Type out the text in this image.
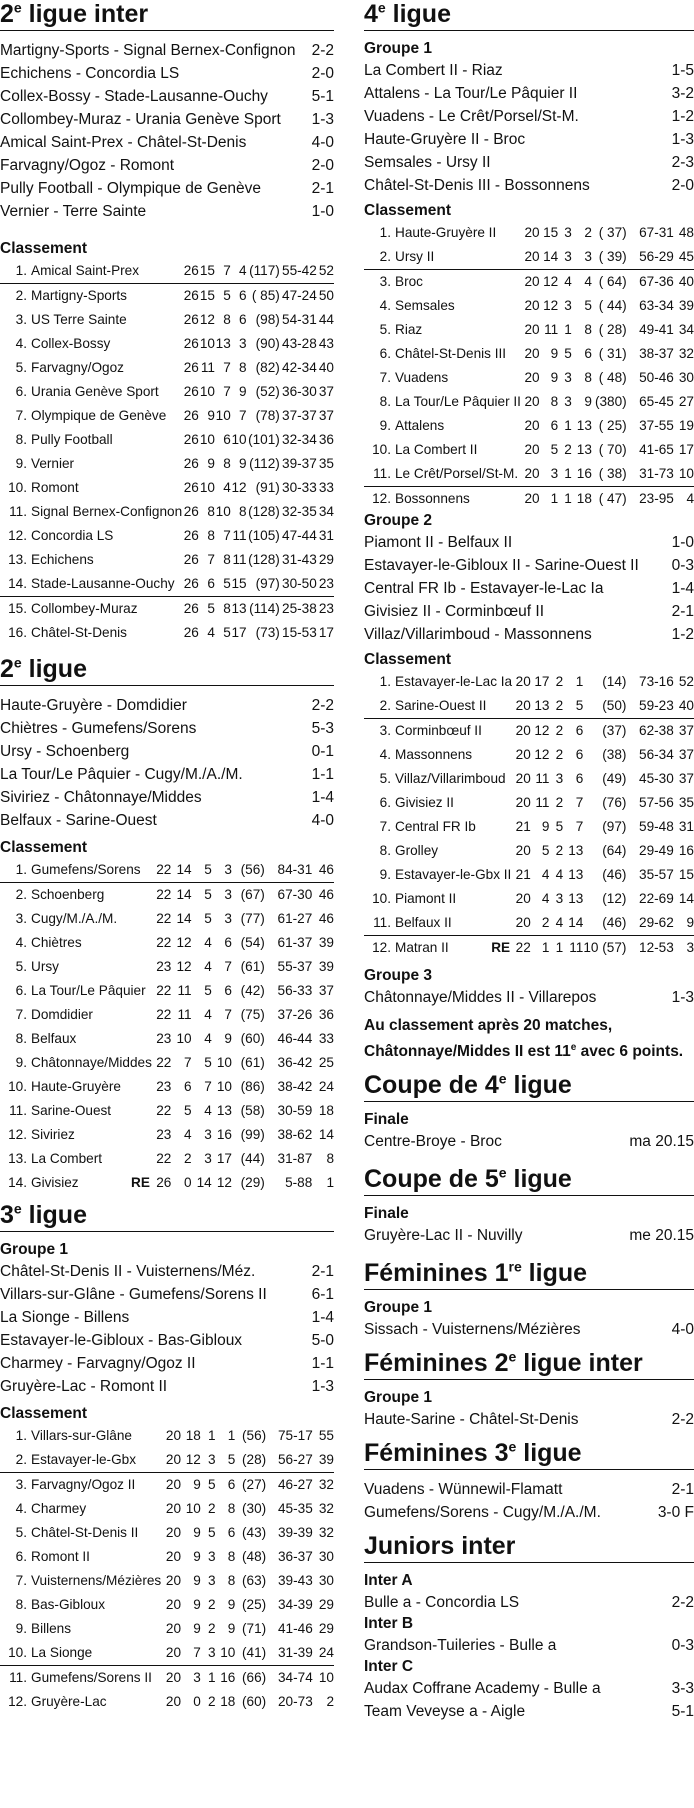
2e ligue inter
Martigny-Sports - Signal Bernex-Confignon 2-2
Echichens - Concordia LS	2-0
Collex-Bossy - Stade-Lausanne-Ouchy	5-1
Collombey-Muraz - Urania Genève Sport 1-3
Amical Saint-Prex - Châtel-St-Denis	4-0
Farvagny/Ogoz - Romont	2-0
Pully Football - Olympique de Genève	2-1
Vernier - Terre Sainte	1-0
Classement
1. Amical Saint-Prex	26	15	7	4	(117)	55-42	52
2. Martigny-Sports	26	15	5	6	( 85)	47-24	50
3. US Terre Sainte	26	12	8	6	(98)	54-31	44
4. Collex-Bossy	26	10	13	3	(90)	43-28	43
5. Farvagny/Ogoz	26	11	7	8	(82)	42-34	40
6. Urania Genève Sport	26	10	7	9	(52)	36-30	37
7. Olympique de Genève	26	9	10	7	(78)	37-37	37
8. Pully Football	26	10	6	10	(101)	32-34	36
9. Vernier	26	9	8	9	(112)	39-37	35
10. Romont	26	10	4	12	(91)	30-33	33
11. Signal Bernex-Confignon	26	8	10	8	(128)	32-35	34
12. Concordia LS	26	8	7	11	(105)	47-44	31
13. Echichens	26	7	8	11	(128)	31-43	29
14. Stade-Lausanne-Ouchy	26	6	5	15	(97)	30-50	23
15. Collombey-Muraz	26	5	8	13	(114)	25-38	23
16. Châtel-St-Denis	26	4	5	17	(73)	15-53	17
2e ligue
Haute-Gruyère - Domdidier	2-2
Chiètres - Gumefens/Sorens	5-3
Ursy - Schoenberg	0-1
La Tour/Le Pâquier - Cugy/M./A./M.	1-1
Siviriez - Châtonnaye/Middes	1-4
Belfaux - Sarine-Ouest	4-0
Classement
1. Gumefens/Sorens	22	14	5	3	(56)	84-31	46
2. Schoenberg	22	14	5	3	(67)	67-30	46
3. Cugy/M./A./M.	22	14	5	3	(77)	61-27	46
4. Chiètres	22	12	4	6	(54)	61-37	39
5. Ursy	23	12	4	7	(61)	55-37	39
6. La Tour/Le Pâquier	22	11	5	6	(42)	56-33	37
7. Domdidier	22	11	4	7	(75)	37-26	36
8. Belfaux	23	10	4	9	(60)	46-44	33
9. Châtonnaye/Middes	22	7	5	10	(61)	36-42	25
10. Haute-Gruyère	23	6	7	10	(86)	38-42	24
11. Sarine-Ouest	22	5	4	13	(58)	30-59	18
12. Siviriez	23	4	3	16	(99)	38-62	14
13. La Combert	22	2	3	17	(44)	31-87	8
14. Givisiez RE	26	0	14	12	(29)	5-88	1
3e ligue
Groupe 1
Châtel-St-Denis II - Vuisternens/Méz.	2-1
Villars-sur-Glâne - Gumefens/Sorens II	6-1
La Sionge - Billens	1-4
Estavayer-le-Gibloux - Bas-Gibloux	5-0
Charmey - Farvagny/Ogoz II	1-1
Gruyère-Lac - Romont II	1-3
Classement
1. Villars-sur-Glâne	20	18	1	1	(56)	75-17	55
2. Estavayer-le-Gbx	20	12	3	5	(28)	56-27	39
3. Farvagny/Ogoz II	20	9	5	6	(27)	46-27	32
4. Charmey	20	10	2	8	(30)	45-35	32
5. Châtel-St-Denis II	20	9	5	6	(43)	39-39	32
6. Romont II	20	9	3	8	(48)	36-37	30
7. Vuisternens/Mézières	20	9	3	8	(63)	39-43	30
8. Bas-Gibloux	20	9	2	9	(25)	34-39	29
9. Billens	20	9	2	9	(71)	41-46	29
10. La Sionge	20	7	3	10	(41)	31-39	24
11. Gumefens/Sorens II	20	3	1	16	(66)	34-74	10
12. Gruyère-Lac	20	0	2	18	(60)	20-73	2
4e ligue
Groupe 1
La Combert II - Riaz	1-5
Attalens - La Tour/Le Pâquier II	3-2
Vuadens - Le Crêt/Porsel/St-M.	1-2
Haute-Gruyère II - Broc	1-3
Semsales - Ursy II	2-3
Châtel-St-Denis III - Bossonnens	2-0
Classement
1. Haute-Gruyère II	20	15	3	2	( 37)	67-31	48
2. Ursy II	20	14	3	3	( 39)	56-29	45
3. Broc	20	12	4	4	( 64)	67-36	40
4. Semsales	20	12	3	5	( 44)	63-34	39
5. Riaz	20	11	1	8	( 28)	49-41	34
6. Châtel-St-Denis III	20	9	5	6	( 31)	38-37	32
7. Vuadens	20	9	3	8	( 48)	50-46	30
8. La Tour/Le Pâquier II	20	8	3	9	(380)	65-45	27
9. Attalens	20	6	1	13	( 25)	37-55	19
10. La Combert II	20	5	2	13	( 70)	41-65	17
11. Le Crêt/Porsel/St-M.	20	3	1	16	( 38)	31-73	10
12. Bossonnens	20	1	1	18	( 47)	23-95	4
Groupe 2
Piamont II - Belfaux II	1-0
Estavayer-le-Gibloux II - Sarine-Ouest II 0-3
Central FR Ib - Estavayer-le-Lac Ia	1-4
Givisiez II - Corminbœuf II	2-1
Villaz/Villarimboud - Massonnens	1-2
Classement
1. Estavayer-le-Lac Ia	20	17	2	1	(14)	73-16	52
2. Sarine-Ouest II	20	13	2	5	(50)	59-23	40
3. Corminbœuf II	20	12	2	6	(37)	62-38	37
4. Massonnens	20	12	2	6	(38)	56-34	37
5. Villaz/Villarimboud	20	11	3	6	(49)	45-30	37
6. Givisiez II	20	11	2	7	(76)	57-56	35
7. Central FR Ib	21	9	5	7	(97)	59-48	31
8. Grolley	20	5	2	13	(64)	29-49	16
9. Estavayer-le-Gbx II	21	4	4	13	(46)	35-57	15
10. Piamont II	20	4	3	13	(12)	22-69	14
11. Belfaux II	20	2	4	14	(46)	29-62	9
12. Matran II RE	22	1	1	11	10 (57)	12-53	3
Groupe 3
Châtonnaye/Middes II - Villarepos	1-3
Au classement après 20 matches,
Châtonnaye/Middes II est 11e avec 6 points.
Coupe de 4e ligue
Finale
Centre-Broye - Broc	ma 20.15
Coupe de 5e ligue
Finale
Gruyère-Lac II - Nuvilly	me 20.15
Féminines 1re ligue
Groupe 1
Sissach - Vuisternens/Mézières	4-0
Féminines 2e ligue inter
Groupe 1
Haute-Sarine - Châtel-St-Denis	2-2
Féminines 3e ligue
Vuadens - Wünnewil-Flamatt	2-1
Gumefens/Sorens - Cugy/M./A./M.	3-0 F
Juniors inter
Inter A
Bulle a - Concordia LS	2-2
Inter B
Grandson-Tuileries - Bulle a	0-3
Inter C
Audax Coffrane Academy - Bulle a	3-3
Team Veveyse a - Aigle	5-1
